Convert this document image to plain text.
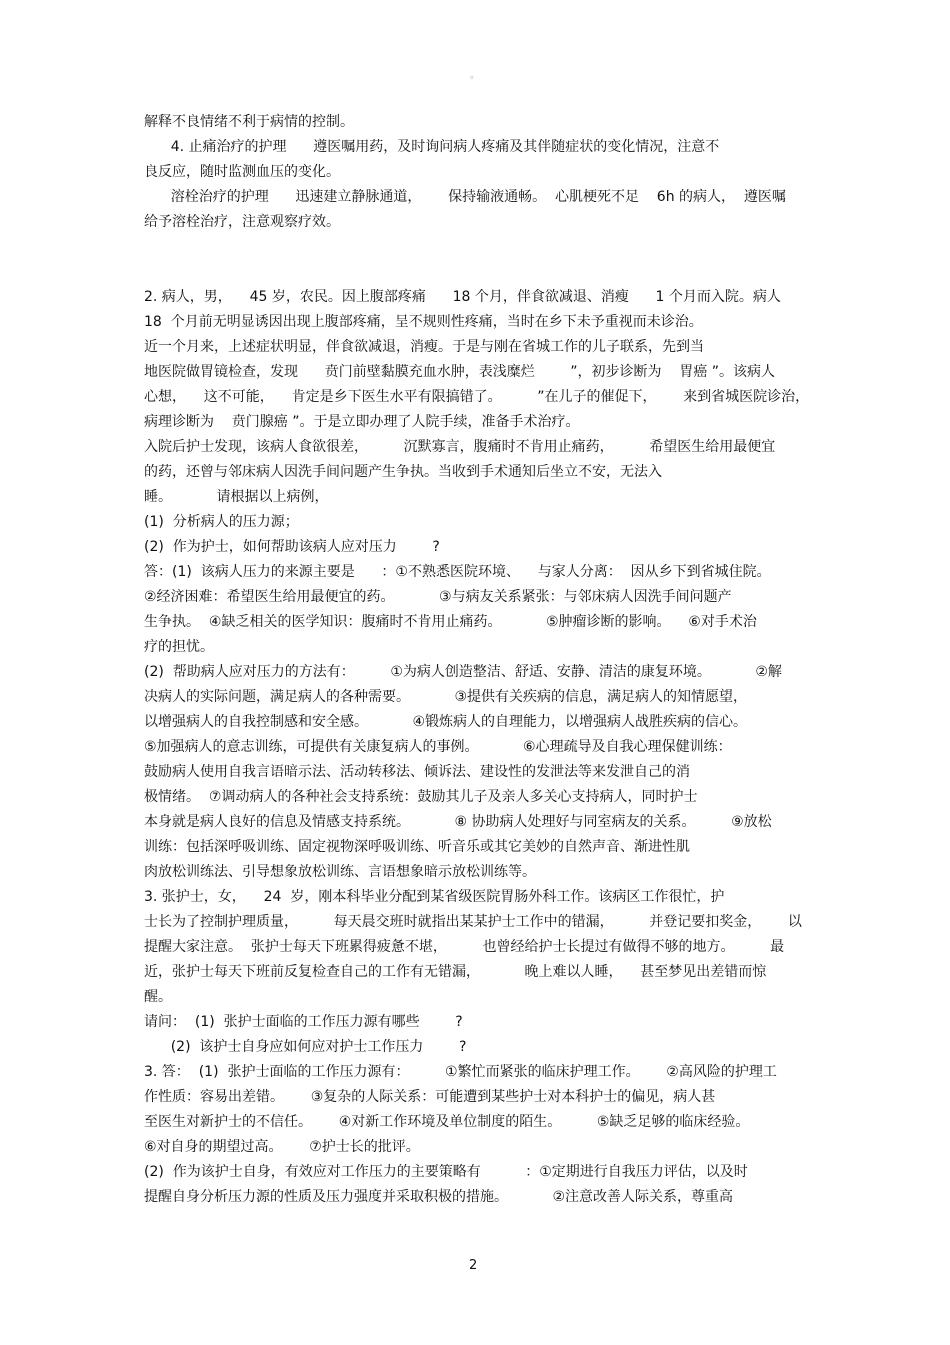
。

解释不良情绪不利于病情的控制。

4. 止痛治疗的护理      遵医嘱用药，及时询问病人疼痛及其伴随症状的变化情况，注意不

良反应，随时监测血压的变化。

溶栓治疗的护理      迅速建立静脉通道，      保持输液通畅。  心肌梗死不足    6h 的病人，  遵医嘱

给予溶栓治疗，注意观察疗效。

2. 病人，男，    45 岁，农民。因上腹部疼痛      18 个月，伴食欲减退、消瘦      1 个月而入院。病人

18  个月前无明显诱因出现上腹部疼痛，呈不规则性疼痛，当时在乡下未予重视而未诊治。

近一个月来，上述症状明显，伴食欲减退，消瘦。于是与刚在省城工作的儿子联系，先到当

地医院做胃镜检查，发现      贲门前壁黏膜充血水肿，表浅糜烂        ”，初步诊断为    胃癌 ”。该病人

心想，    这不可能，    肯定是乡下医生水平有限搞错了。        ”在儿子的催促下，      来到省城医院诊治，

病理诊断为    贲门腺癌 ”。于是立即办理了人院手续，准备手术治疗。

入院后护士发现，该病人食欲很差，        沉默寡言，腹痛时不肯用止痛药，        希望医生给用最便宜

的药，还曾与邻床病人因洗手间问题产生争执。当收到手术通知后坐立不安，无法入

睡。          请根据以上病例，

(1)  分析病人的压力源；

(2)  作为护士，如何帮助该病人应对压力        ?

答：(1)  该病人压力的来源主要是      ：①不熟悉医院环境、    与家人分离：  因从乡下到省城住院。

②经济困难：希望医生给用最便宜的药。          ③与病友关系紧张：与邻床病人因洗手间问题产

生争执。  ④缺乏相关的医学知识：腹痛时不肯用止痛药。          ⑤肿瘤诊断的影响。    ⑥对手术治

疗的担忧。

(2)  帮助病人应对压力的方法有：        ①为病人创造整洁、舒适、安静、清洁的康复环境。          ②解

决病人的实际问题，满足病人的各种需要。          ③提供有关疾病的信息，满足病人的知情愿望，

以增强病人的自我控制感和安全感。          ④锻炼病人的自理能力，以增强病人战胜疾病的信心。

⑤加强病人的意志训练，可提供有关康复病人的事例。          ⑥心理疏导及自我心理保健训练：

鼓励病人使用自我言语暗示法、活动转移法、倾诉法、建设性的发泄法等来发泄自己的消

极情绪。  ⑦调动病人的各种社会支持系统：鼓励其儿子及亲人多关心支持病人，同时护士

本身就是病人良好的信息及情感支持系统。          ⑧ 协助病人处理好与同室病友的关系。        ⑨放松

训练：包括深呼吸训练、固定视物深呼吸训练、听音乐或其它美妙的自然声音、渐进性肌

肉放松训练法、引导想象放松训练、言语想象暗示放松训练等。

3. 张护士，女，    24  岁，刚本科毕业分配到某省级医院胃肠外科工作。该病区工作很忙，护

士长为了控制护理质量，        每天晨交班时就指出某某护士工作中的错漏，        并登记要扣奖金，      以

提醒大家注意。  张护士每天下班累得疲惫不堪，        也曾经给护士长提过有做得不够的地方。        最

近，张护士每天下班前反复检查自己的工作有无错漏，          晚上难以人睡，    甚至梦见出差错而惊

醒。

请问：  (1)  张护士面临的工作压力源有哪些        ?

(2)  该护士自身应如何应对护士工作压力        ?

3. 答：  (1)  张护士面临的工作压力源有：        ①繁忙而紧张的临床护理工作。      ②高风险的护理工

作性质：容易出差错。      ③复杂的人际关系：可能遭到某些护士对本科护士的偏见，病人甚

至医生对新护士的不信任。      ④对新工作环境及单位制度的陌生。        ⑤缺乏足够的临床经验。

⑥对自身的期望过高。      ⑦护士长的批评。

(2)  作为该护士自身，有效应对工作压力的主要策略有          ：①定期进行自我压力评估，以及时

提醒自身分析压力源的性质及压力强度并采取积极的措施。          ②注意改善人际关系，尊重高

2
